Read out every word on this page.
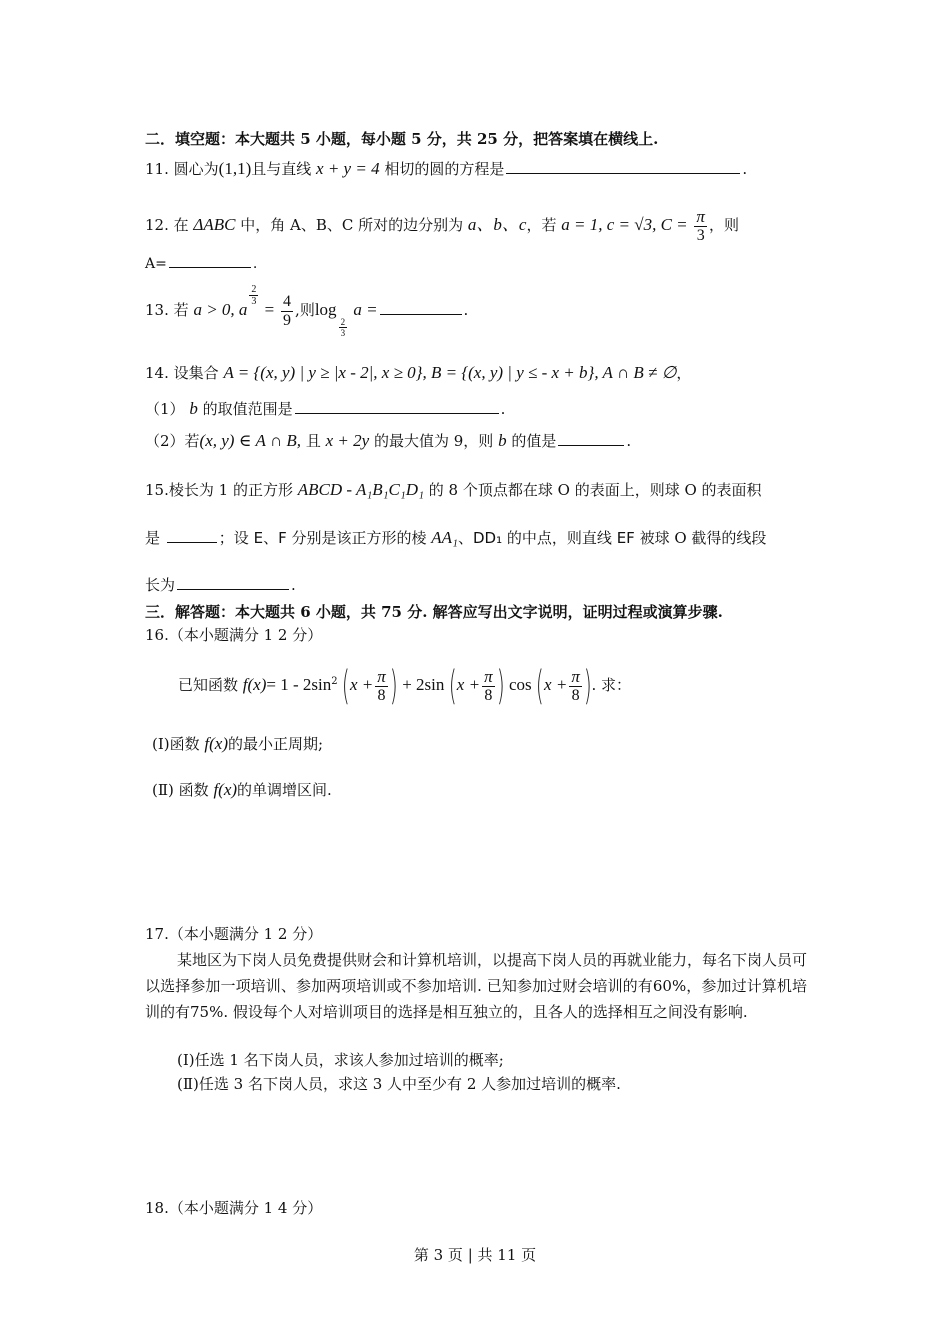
二．填空题：本大题共 5 小题，每小题 5 分，共 25 分，把答案填在横线上.
11. 圆心为(1,1)且与直线 x + y = 4 相切的圆的方程是	.
12. 在 ΔABC 中，角 A、B、C 所对的边分别为 a、b、c，若 a = 1, c = √3, $C = \frac{\pi}{3}$ ，则
A=	.
13. 若 a > 0, a
$\frac{2}{3}$
= $\frac{4}{9}$ ,则log
$\frac{2}{3}$
a =	.
14. 设集合 A = {(x, y) | y ≥ |x - 2|, x ≥ 0}, B = {(x, y) | y ≤ - x + b}, A ∩ B ≠ ∅，
（1） b 的取值范围是	.
（2）若(x, y) ∈ A ∩ B, 且 x + 2y 的最大值为 9，则 b 的值是	.
15.棱长为 1 的正方形 ABCD - A₁B₁C₁D₁ 的 8 个顶点都在球 O 的表面上，则球 O 的表面积
是	；设 E、F 分别是该正方形的棱 AA₁、DD₁ 的中点，则直线 EF 被球 O 截得的线段
长为	.
三．解答题：本大题共 6 小题，共 75 分. 解答应写出文字说明，证明过程或演算步骤.
16.（本小题满分 1 2 分）
已知函数 $f(x)= 1 - 2\sin^2$ ($x + \frac{\pi}{8}$ ) + 2sin ($x + \frac{\pi}{8}$ ) $\cos (x + \frac{\pi}{8}$ ). 求：
(Ⅰ)函数 f(x)的最小正周期;
(Ⅱ) 函数 f(x)的单调增区间.
17.（本小题满分 1 2 分）
某地区为下岗人员免费提供财会和计算机培训，以提高下岗人员的再就业能力，每名下岗人员可以选择参加一项培训、参加两项培训或不参加培训. 已知参加过财会培训的有60%，参加过计算机培训的有75%. 假设每个人对培训项目的选择是相互独立的，且各人的选择相互之间没有影响.
(Ⅰ)任选 1 名下岗人员，求该人参加过培训的概率;
(Ⅱ)任选 3 名下岗人员，求这 3 人中至少有 2 人参加过培训的概率.
18.（本小题满分 1 4 分）
第 3 页 | 共 11 页
